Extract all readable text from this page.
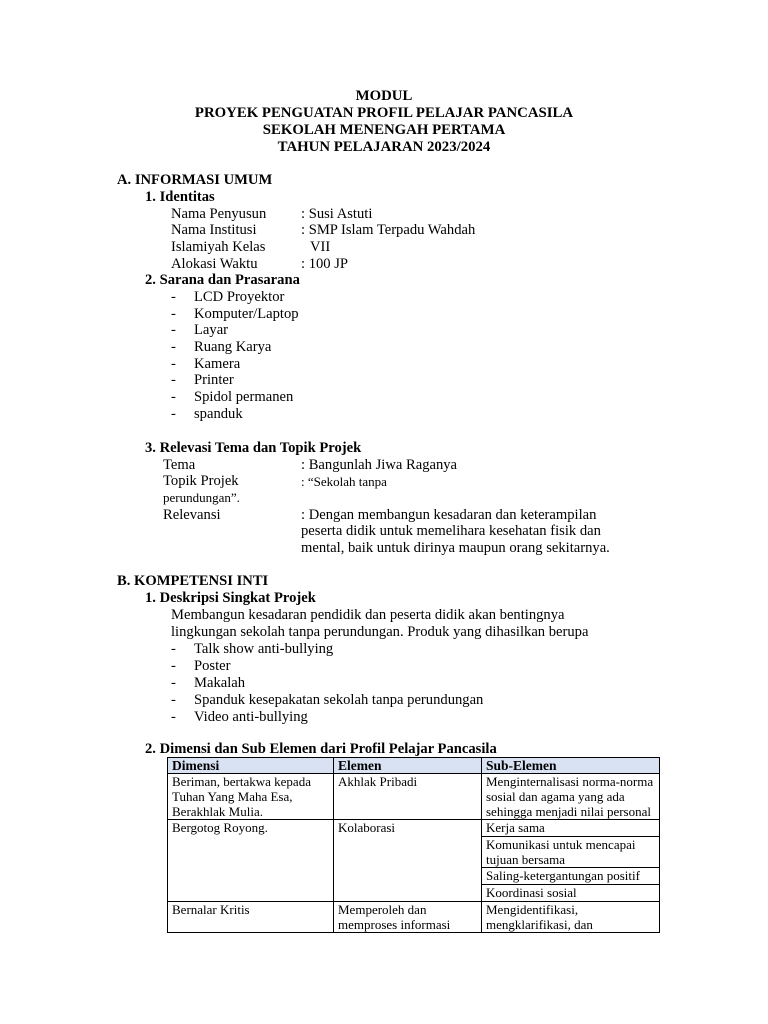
MODUL
PROYEK PENGUATAN PROFIL PELAJAR PANCASILA
SEKOLAH MENENGAH PERTAMA
TAHUN PELAJARAN 2023/2024
A. INFORMASI UMUM
1. Identitas
Nama Penyusun : Susi Astuti
Nama Institusi	: SMP Islam Terpadu Wahdah
Islamiyah Kelas	VII
Alokasi Waktu	: 100 JP
2. Sarana dan Prasarana
- LCD Proyektor
- Komputer/Laptop
- Layar
- Ruang Karya
- Kamera
- Printer
- Spidol permanen
- spanduk
3. Relevasi Tema dan Topik Projek
Tema	: Bangunlah Jiwa Raganya
Topik Projek	: “Sekolah tanpa
perundungan”.
Relevansi	: Dengan membangun kesadaran dan keterampilan
peserta didik untuk memelihara kesehatan fisik dan
mental, baik untuk dirinya maupun orang sekitarnya.
B. KOMPETENSI INTI
1. Deskripsi Singkat Projek
Membangun kesadaran pendidik dan peserta didik akan bentingnya
lingkungan sekolah tanpa perundungan. Produk yang dihasilkan berupa
- Talk show anti-bullying
- Poster
- Makalah
- Spanduk kesepakatan sekolah tanpa perundungan
- Video anti-bullying
2. Dimensi dan Sub Elemen dari Profil Pelajar Pancasila
Dimensi	Elemen	Sub-Elemen
Beriman, bertakwa kepada Tuhan Yang Maha Esa, Berakhlak Mulia.	Akhlak Pribadi	Menginternalisasi norma-norma sosial dan agama yang ada sehingga menjadi nilai personal
Bergotog Royong.	Kolaborasi	Kerja sama
		Komunikasi untuk mencapai tujuan bersama
		Saling-ketergantungan positif
		Koordinasi sosial
Bernalar Kritis	Memperoleh dan memproses informasi	Mengidentifikasi, mengklarifikasi, dan
